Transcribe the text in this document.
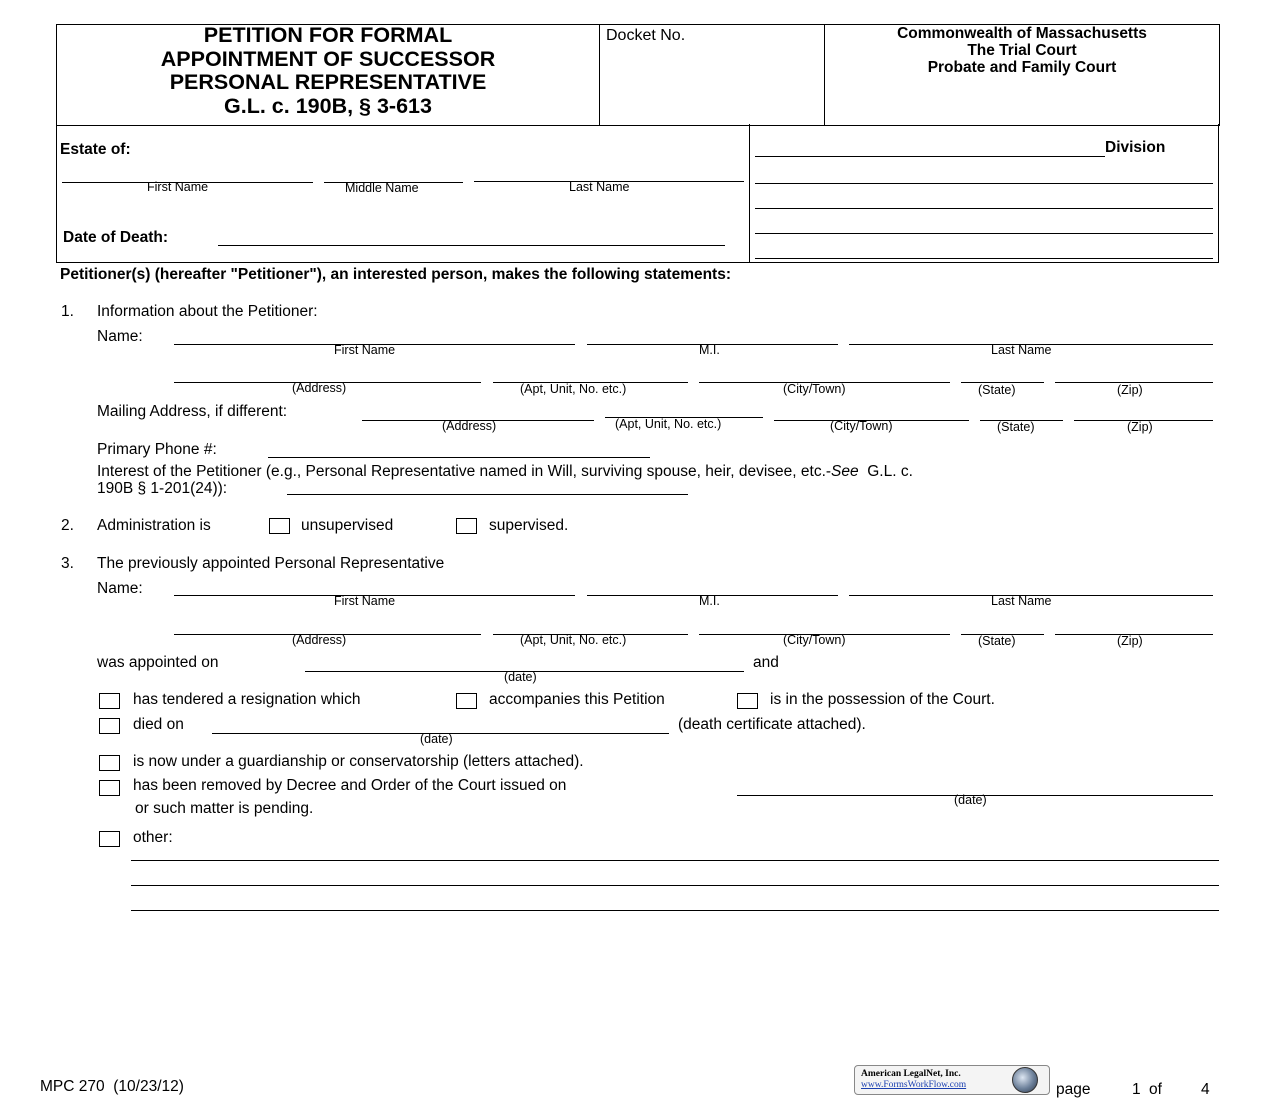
PETITION FOR FORMAL
APPOINTMENT OF SUCCESSOR
PERSONAL REPRESENTATIVE
G.L. c. 190B, § 3-613
Docket No.	Commonwealth of Massachusetts
The Trial Court
Probate and Family Court
Estate of:
First Name	Middle Name	Last Name
Date of Death:
Division
Petitioner(s) (hereafter "Petitioner"), an interested person, makes the following statements:
1. Information about the Petitioner:
Name:
First Name	M.I.	Last Name
(Address)	(Apt, Unit, No. etc.)	(City/Town)	(State)	(Zip)
Mailing Address, if different:
(Address)	(Apt, Unit, No. etc.)	(City/Town)	(State)	(Zip)
Primary Phone #:
Interest of the Petitioner (e.g., Personal Representative named in Will, surviving spouse, heir, devisee, etc.-See  G.L. c.
190B § 1-201(24)):
2. Administration is	unsupervised	supervised.
3. The previously appointed Personal Representative
Name:
First Name	M.I.	Last Name
(Address)	(Apt, Unit, No. etc.)	(City/Town)	(State)	(Zip)
was appointed on
(date)
and
has tendered a resignation which	accompanies this Petition	is in the possession of the Court.
died on
(date)
(death certificate attached).
is now under a guardianship or conservatorship (letters attached).
has been removed by Decree and Order of the Court issued on
(date)
or such matter is pending.
other:
MPC 270 (10/23/12)
American LegalNet, Inc.
www.FormsWorkFlow.com	page	1 of	4
